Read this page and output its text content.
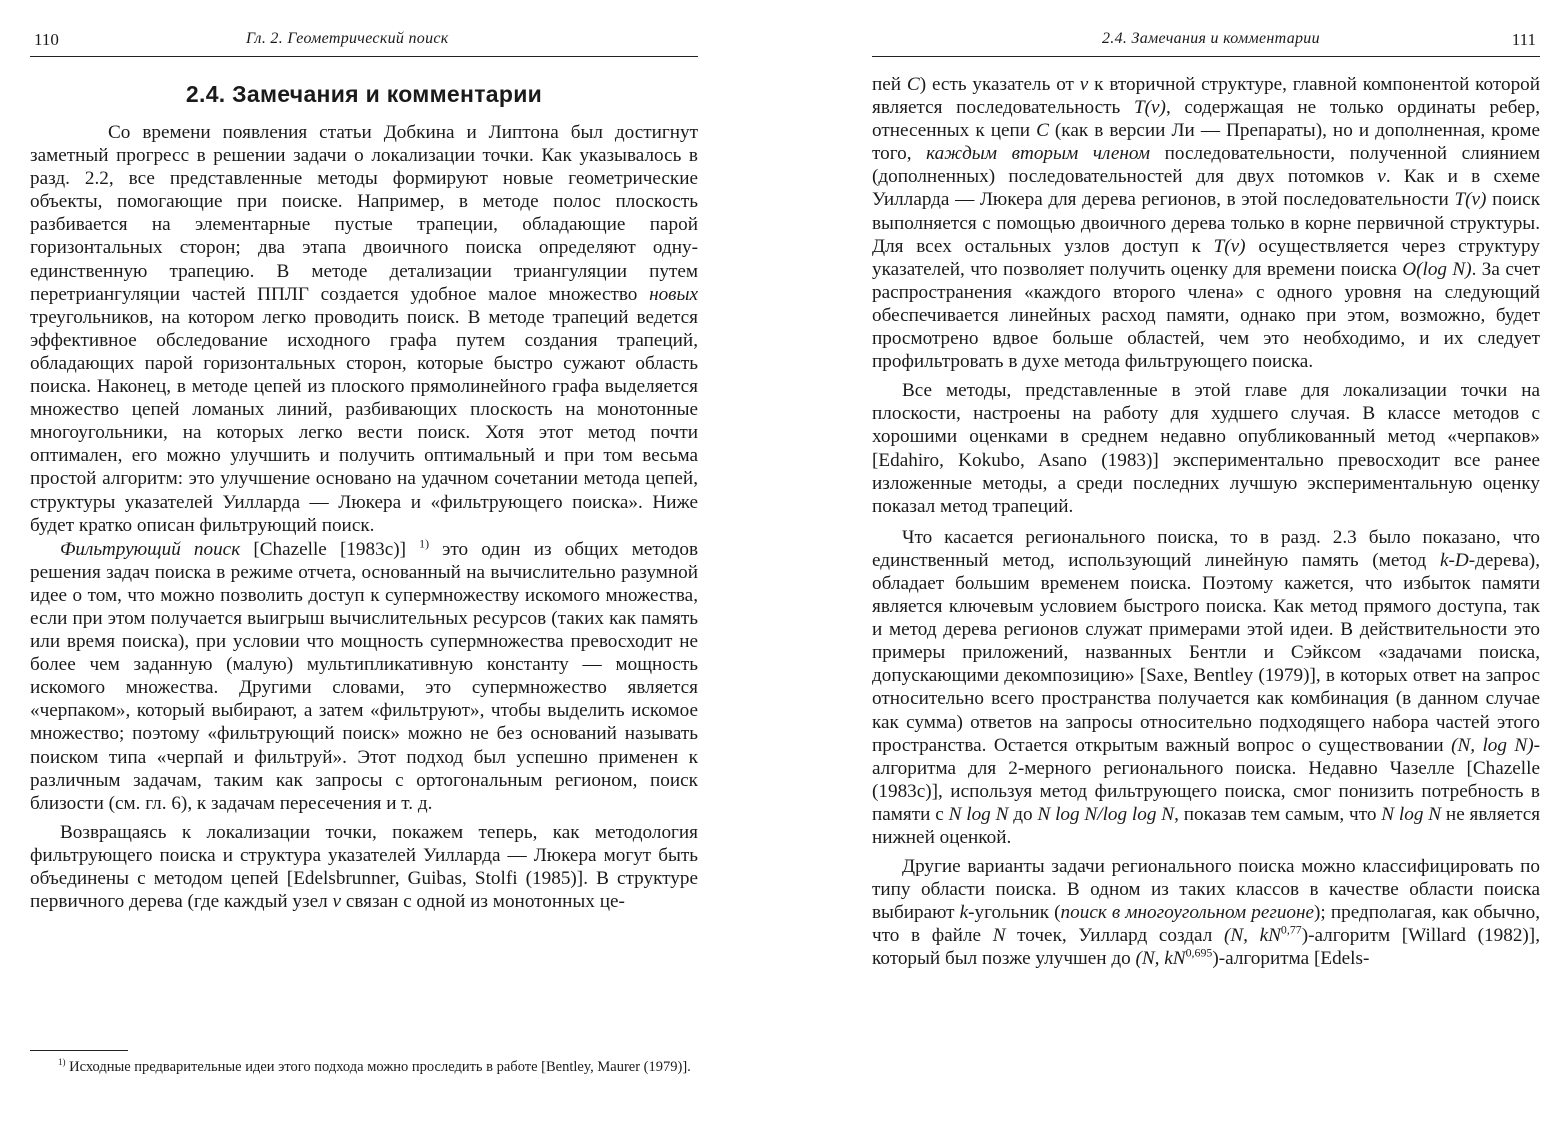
110	Гл. 2. Геометрический поиск
2.4. Замечания и комментарии

Со времени появления статьи Добкина и Липтона был достигнут заметный прогресс в решении задачи о локализации точки. Как указывалось в разд. 2.2, все представленные методы формируют новые геометрические объекты, помогающие при поиске. Например, в методе полос плоскость разбивается на элементарные пустые трапеции, обладающие парой горизонтальных сторон; два этапа двоичного поиска определяют одну-единственную трапецию. В методе детализации триангуляции путем перетриангуляции частей ППЛГ создается удобное малое множество новых треугольников, на котором легко проводить поиск. В методе трапеций ведется эффективное обследование исходного графа путем создания трапеций, обладающих парой горизонтальных сторон, которые быстро сужают область поиска. Наконец, в методе цепей из плоского прямолинейного графа выделяется множество цепей ломаных линий, разбивающих плоскость на монотонные многоугольники, на которых легко вести поиск. Хотя этот метод почти оптимален, его можно улучшить и получить оптимальный и при том весьма простой алгоритм: это улучшение основано на удачном сочетании метода цепей, структуры указателей Уилларда — Люкера и «фильтрующего поиска». Ниже будет кратко описан фильтрующий поиск.

Фильтрующий поиск [Chazelle [1983c)] $^{1)}$ это один из общих методов решения задач поиска в режиме отчета, основанный на вычислительно разумной идее о том, что можно позволить доступ к супермножеству искомого множества, если при этом получается выигрыш вычислительных ресурсов (таких как память или время поиска), при условии что мощность супермножества превосходит не более чем заданную (малую) мультипликативную константу — мощность искомого множества. Другими словами, это супермножество является «черпаком», который выбирают, а затем «фильтруют», чтобы выделить искомое множество; поэтому «фильтрующий поиск» можно не без оснований называть поиском типа «черпай и фильтруй». Этот подход был успешно применен к различным задачам, таким как запросы с ортогональным регионом, поиск близости (см. гл. 6), к задачам пересечения и т. д.

Возвращаясь к локализации точки, покажем теперь, как методология фильтрующего поиска и структура указателей Уилларда — Люкера могут быть объединены с методом цепей [Edelsbrunner, Guibas, Stolfi (1985)]. В структуре первичного дерева (где каждый узел v связан с одной из монотонных це-

$^{1)}$ Исходные предварительные идеи этого подхода можно проследить в работе [Bentley, Maurer (1979)].
2.4. Замечания и комментарии	111

пей C) есть указатель от v к вторичной структуре, главной компонентой которой является последовательность T(v), содержащая не только ординаты ребер, отнесенных к цепи C (как в версии Ли — Препараты), но и дополненная, кроме того, каждым вторым членом последовательности, полученной слиянием (дополненных) последовательностей для двух потомков v. Как и в схеме Уилларда — Люкера для дерева регионов, в этой последовательности T(v) поиск выполняется с помощью двоичного дерева только в корне первичной структуры. Для всех остальных узлов доступ к T(v) осуществляется через структуру указателей, что позволяет получить оценку для времени поиска O(log N). За счет распространения «каждого второго члена» с одного уровня на следующий обеспечивается линейных расход памяти, однако при этом, возможно, будет просмотрено вдвое больше областей, чем это необходимо, и их следует профильтровать в духе метода фильтрующего поиска.

Все методы, представленные в этой главе для локализации точки на плоскости, настроены на работу для худшего случая. В классе методов с хорошими оценками в среднем недавно опубликованный метод «черпаков» [Edahiro, Kokubo, Asano (1983)] экспериментально превосходит все ранее изложенные методы, а среди последних лучшую экспериментальную оценку показал метод трапеций.

Что касается регионального поиска, то в разд. 2.3 было показано, что единственный метод, использующий линейную память (метод k-D-дерева), обладает большим временем поиска. Поэтому кажется, что избыток памяти является ключевым условием быстрого поиска. Как метод прямого доступа, так и метод дерева регионов служат примерами этой идеи. В действительности это примеры приложений, названных Бентли и Сэйксом «задачами поиска, допускающими декомпозицию» [Saxe, Bentley (1979)], в которых ответ на запрос относительно всего пространства получается как комбинация (в данном случае как сумма) ответов на запросы относительно подходящего набора частей этого пространства. Остается открытым важный вопрос о существовании (N, log N)-алгоритма для 2-мерного регионального поиска. Недавно Чазелле [Chazelle (1983c)], используя метод фильтрующего поиска, смог понизить потребность в памяти с N log N до N log N/log log N, показав тем самым, что N log N не является нижней оценкой.

Другие варианты задачи регионального поиска можно классифицировать по типу области поиска. В одном из таких классов в качестве области поиска выбирают k-угольник (поиск в многоугольном регионе); предполагая, как обычно, что в файле N точек, Уиллард создал (N, kN$^{0,77}$)-алгоритм [Willard (1982)], который был позже улучшен до (N, kN$^{0,695}$)-алгоритма [Edels-
